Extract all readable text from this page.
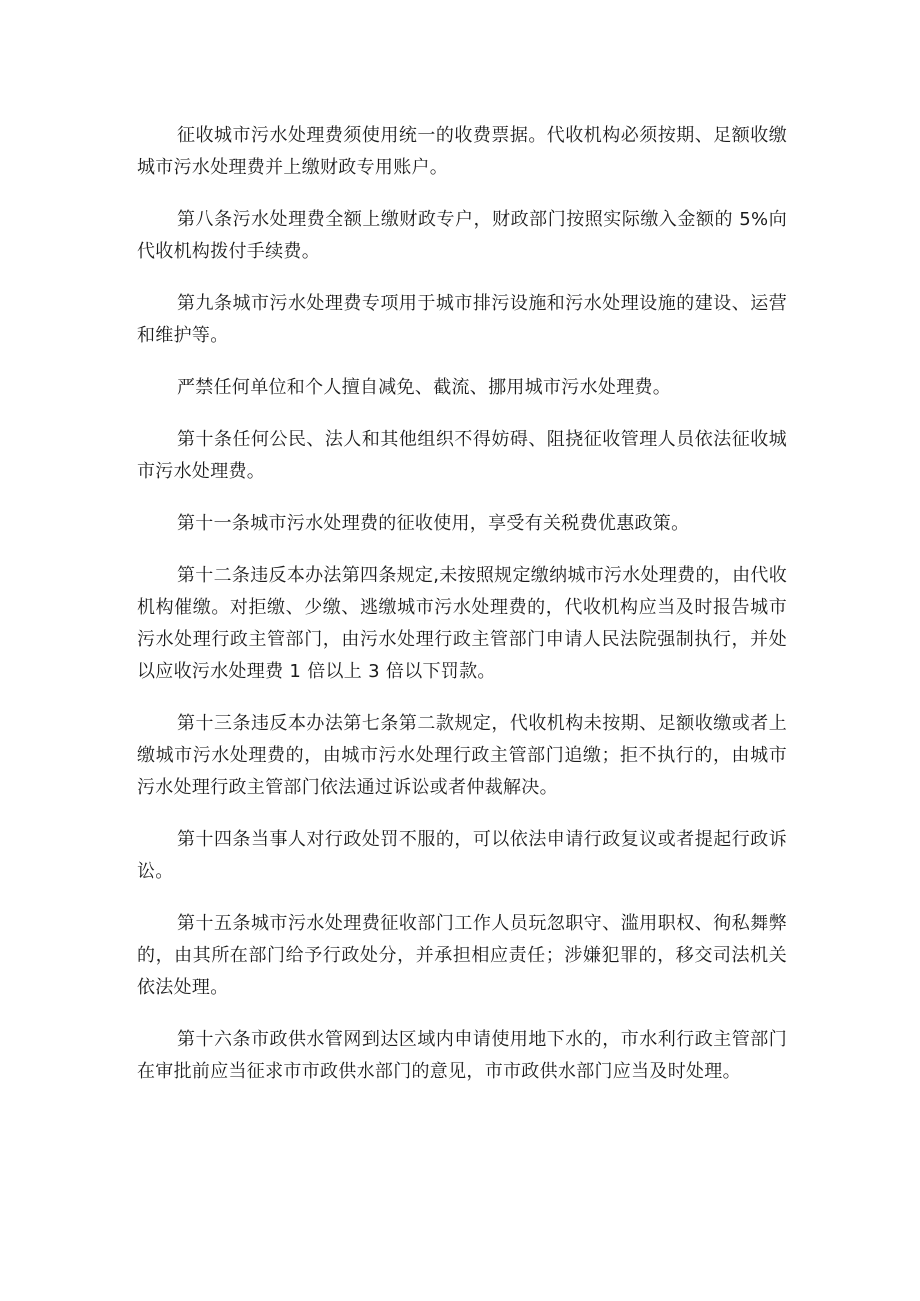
征收城市污水处理费须使用统一的收费票据。代收机构必须按期、足额收缴城市污水处理费并上缴财政专用账户。

第八条污水处理费全额上缴财政专户，财政部门按照实际缴入金额的 5%向代收机构拨付手续费。

第九条城市污水处理费专项用于城市排污设施和污水处理设施的建设、运营和维护等。

严禁任何单位和个人擅自减免、截流、挪用城市污水处理费。

第十条任何公民、法人和其他组织不得妨碍、阻挠征收管理人员依法征收城市污水处理费。

第十一条城市污水处理费的征收使用，享受有关税费优惠政策。

第十二条违反本办法第四条规定,未按照规定缴纳城市污水处理费的，由代收机构催缴。对拒缴、少缴、逃缴城市污水处理费的，代收机构应当及时报告城市污水处理行政主管部门，由污水处理行政主管部门申请人民法院强制执行，并处以应收污水处理费 1 倍以上 3 倍以下罚款。

第十三条违反本办法第七条第二款规定，代收机构未按期、足额收缴或者上缴城市污水处理费的，由城市污水处理行政主管部门追缴；拒不执行的，由城市污水处理行政主管部门依法通过诉讼或者仲裁解决。

第十四条当事人对行政处罚不服的，可以依法申请行政复议或者提起行政诉讼。

第十五条城市污水处理费征收部门工作人员玩忽职守、滥用职权、徇私舞弊的，由其所在部门给予行政处分，并承担相应责任；涉嫌犯罪的，移交司法机关依法处理。

第十六条市政供水管网到达区域内申请使用地下水的，市水利行政主管部门在审批前应当征求市市政供水部门的意见，市市政供水部门应当及时处理。
